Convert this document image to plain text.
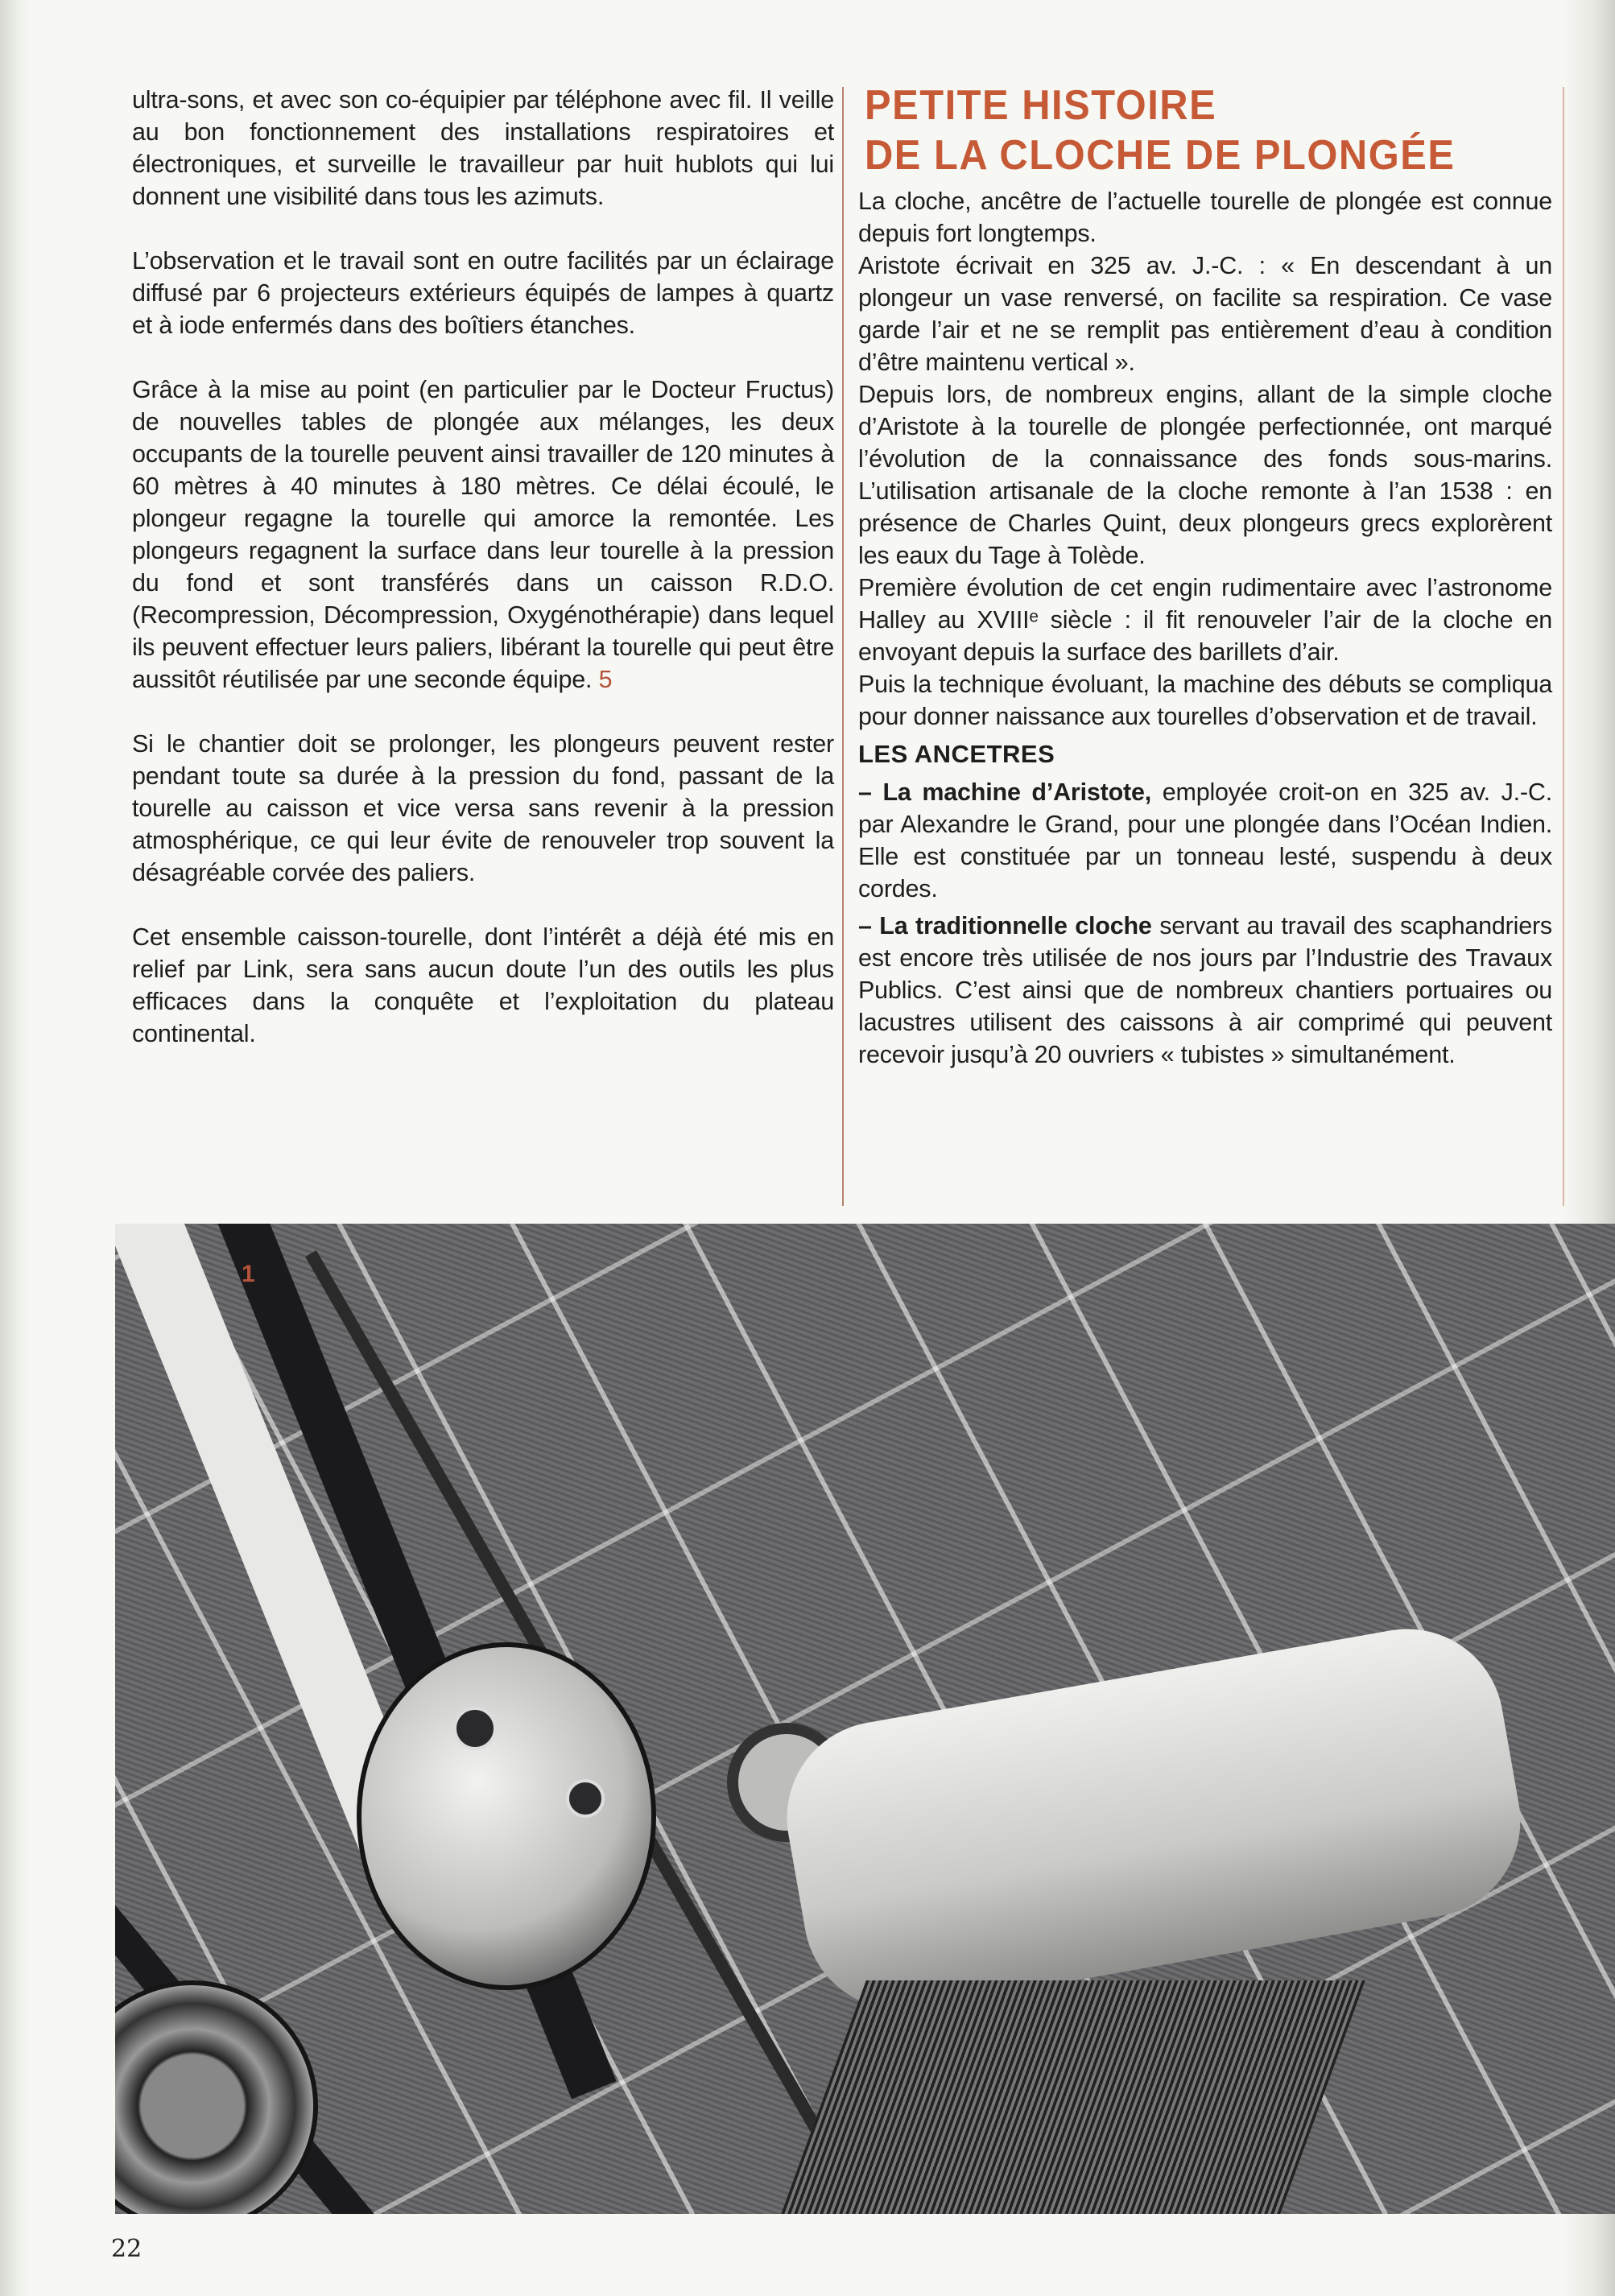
ultra-sons, et avec son co-équipier par téléphone avec fil. Il veille au bon fonctionnement des installations respiratoires et électroniques, et surveille le travailleur par huit hublots qui lui donnent une visibilité dans tous les azimuts.

L’observation et le travail sont en outre facilités par un éclairage diffusé par 6 projecteurs extérieurs équipés de lampes à quartz et à iode enfermés dans des boîtiers étanches.

Grâce à la mise au point (en particulier par le Docteur Fructus) de nouvelles tables de plongée aux mélanges, les deux occupants de la tourelle peuvent ainsi travailler de 120 minutes à 60 mètres à 40 minutes à 180 mètres. Ce délai écoulé, le plongeur regagne la tourelle qui amorce la remontée. Les plongeurs regagnent la surface dans leur tourelle à la pression du fond et sont transférés dans un caisson R.D.O. (Recompression, Décompression, Oxygénothérapie) dans lequel ils peuvent effectuer leurs paliers, libérant la tourelle qui peut être aussitôt réutilisée par une seconde équipe. 5

Si le chantier doit se prolonger, les plongeurs peuvent rester pendant toute sa durée à la pression du fond, passant de la tourelle au caisson et vice versa sans revenir à la pression atmosphérique, ce qui leur évite de renouveler trop souvent la désagréable corvée des paliers.

Cet ensemble caisson-tourelle, dont l’intérêt a déjà été mis en relief par Link, sera sans aucun doute l’un des outils les plus efficaces dans la conquête et l’exploitation du plateau continental.

PETITE HISTOIRE
DE LA CLOCHE DE PLONGÉE

La cloche, ancêtre de l’actuelle tourelle de plongée est connue depuis fort longtemps.

Aristote écrivait en 325 av. J.-C. : « En descendant à un plongeur un vase renversé, on facilite sa respiration. Ce vase garde l’air et ne se remplit pas entièrement d’eau à condition d’être maintenu vertical ».

Depuis lors, de nombreux engins, allant de la simple cloche d’Aristote à la tourelle de plongée perfectionnée, ont marqué l’évolution de la connaissance des fonds sous-marins. L’utilisation artisanale de la cloche remonte à l’an 1538 : en présence de Charles Quint, deux plongeurs grecs explorèrent les eaux du Tage à Tolède.

Première évolution de cet engin rudimentaire avec l’astronome Halley au XVIIIᵉ siècle : il fit renouveler l’air de la cloche en envoyant depuis la surface des barillets d’air.

Puis la technique évoluant, la machine des débuts se compliqua pour donner naissance aux tourelles d’observation et de travail.

LES ANCETRES

– La machine d’Aristote, employée croit-on en 325 av. J.-C. par Alexandre le Grand, pour une plongée dans l’Océan Indien. Elle est constituée par un tonneau lesté, suspendu à deux cordes.

– La traditionnelle cloche servant au travail des scaphandriers est encore très utilisée de nos jours par l’Industrie des Travaux Publics. C’est ainsi que de nombreux chantiers portuaires ou lacustres utilisent des caissons à air comprimé qui peuvent recevoir jusqu’à 20 ouvriers « tubistes » simultanément.

1
22
